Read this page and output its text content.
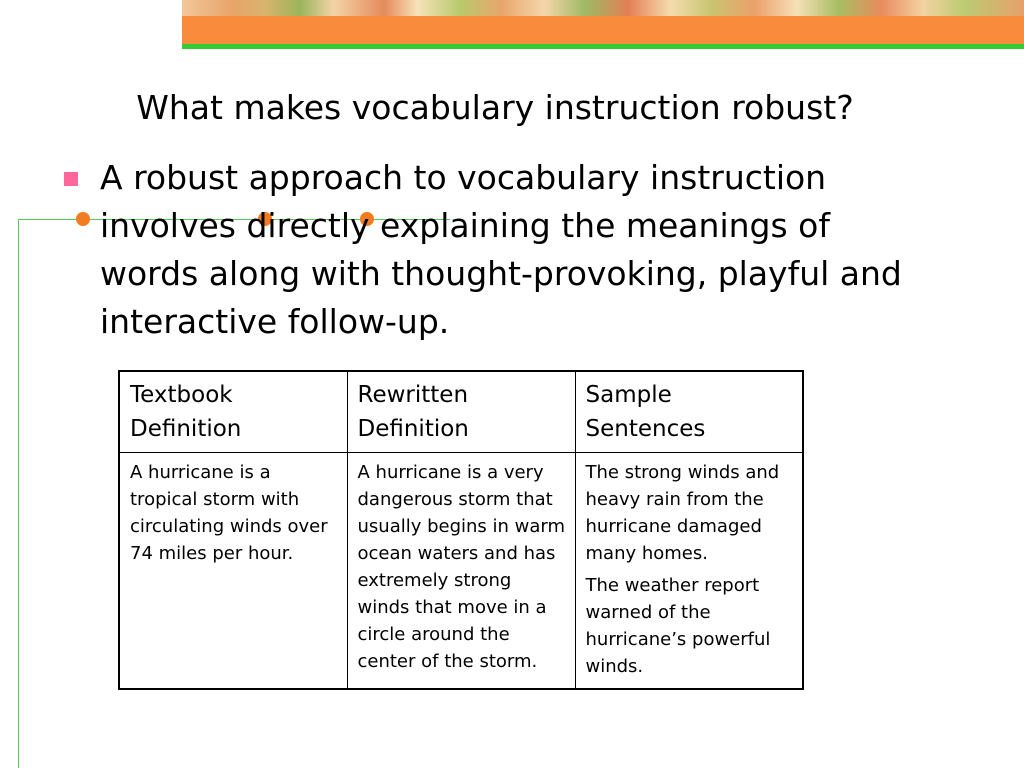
What makes vocabulary instruction robust?
A robust approach to vocabulary instruction involves directly explaining the meanings of words along with thought-provoking, playful and interactive follow-up.
Textbook Definition	Rewritten Definition	Sample Sentences
A hurricane is a tropical storm with circulating winds over 74 miles per hour.	A hurricane is a very dangerous storm that usually begins in warm ocean waters and has extremely strong winds that move in a circle around the center of the storm.	The strong winds and heavy rain from the hurricane damaged many homes.

The weather report warned of the hurricane’s powerful winds.
